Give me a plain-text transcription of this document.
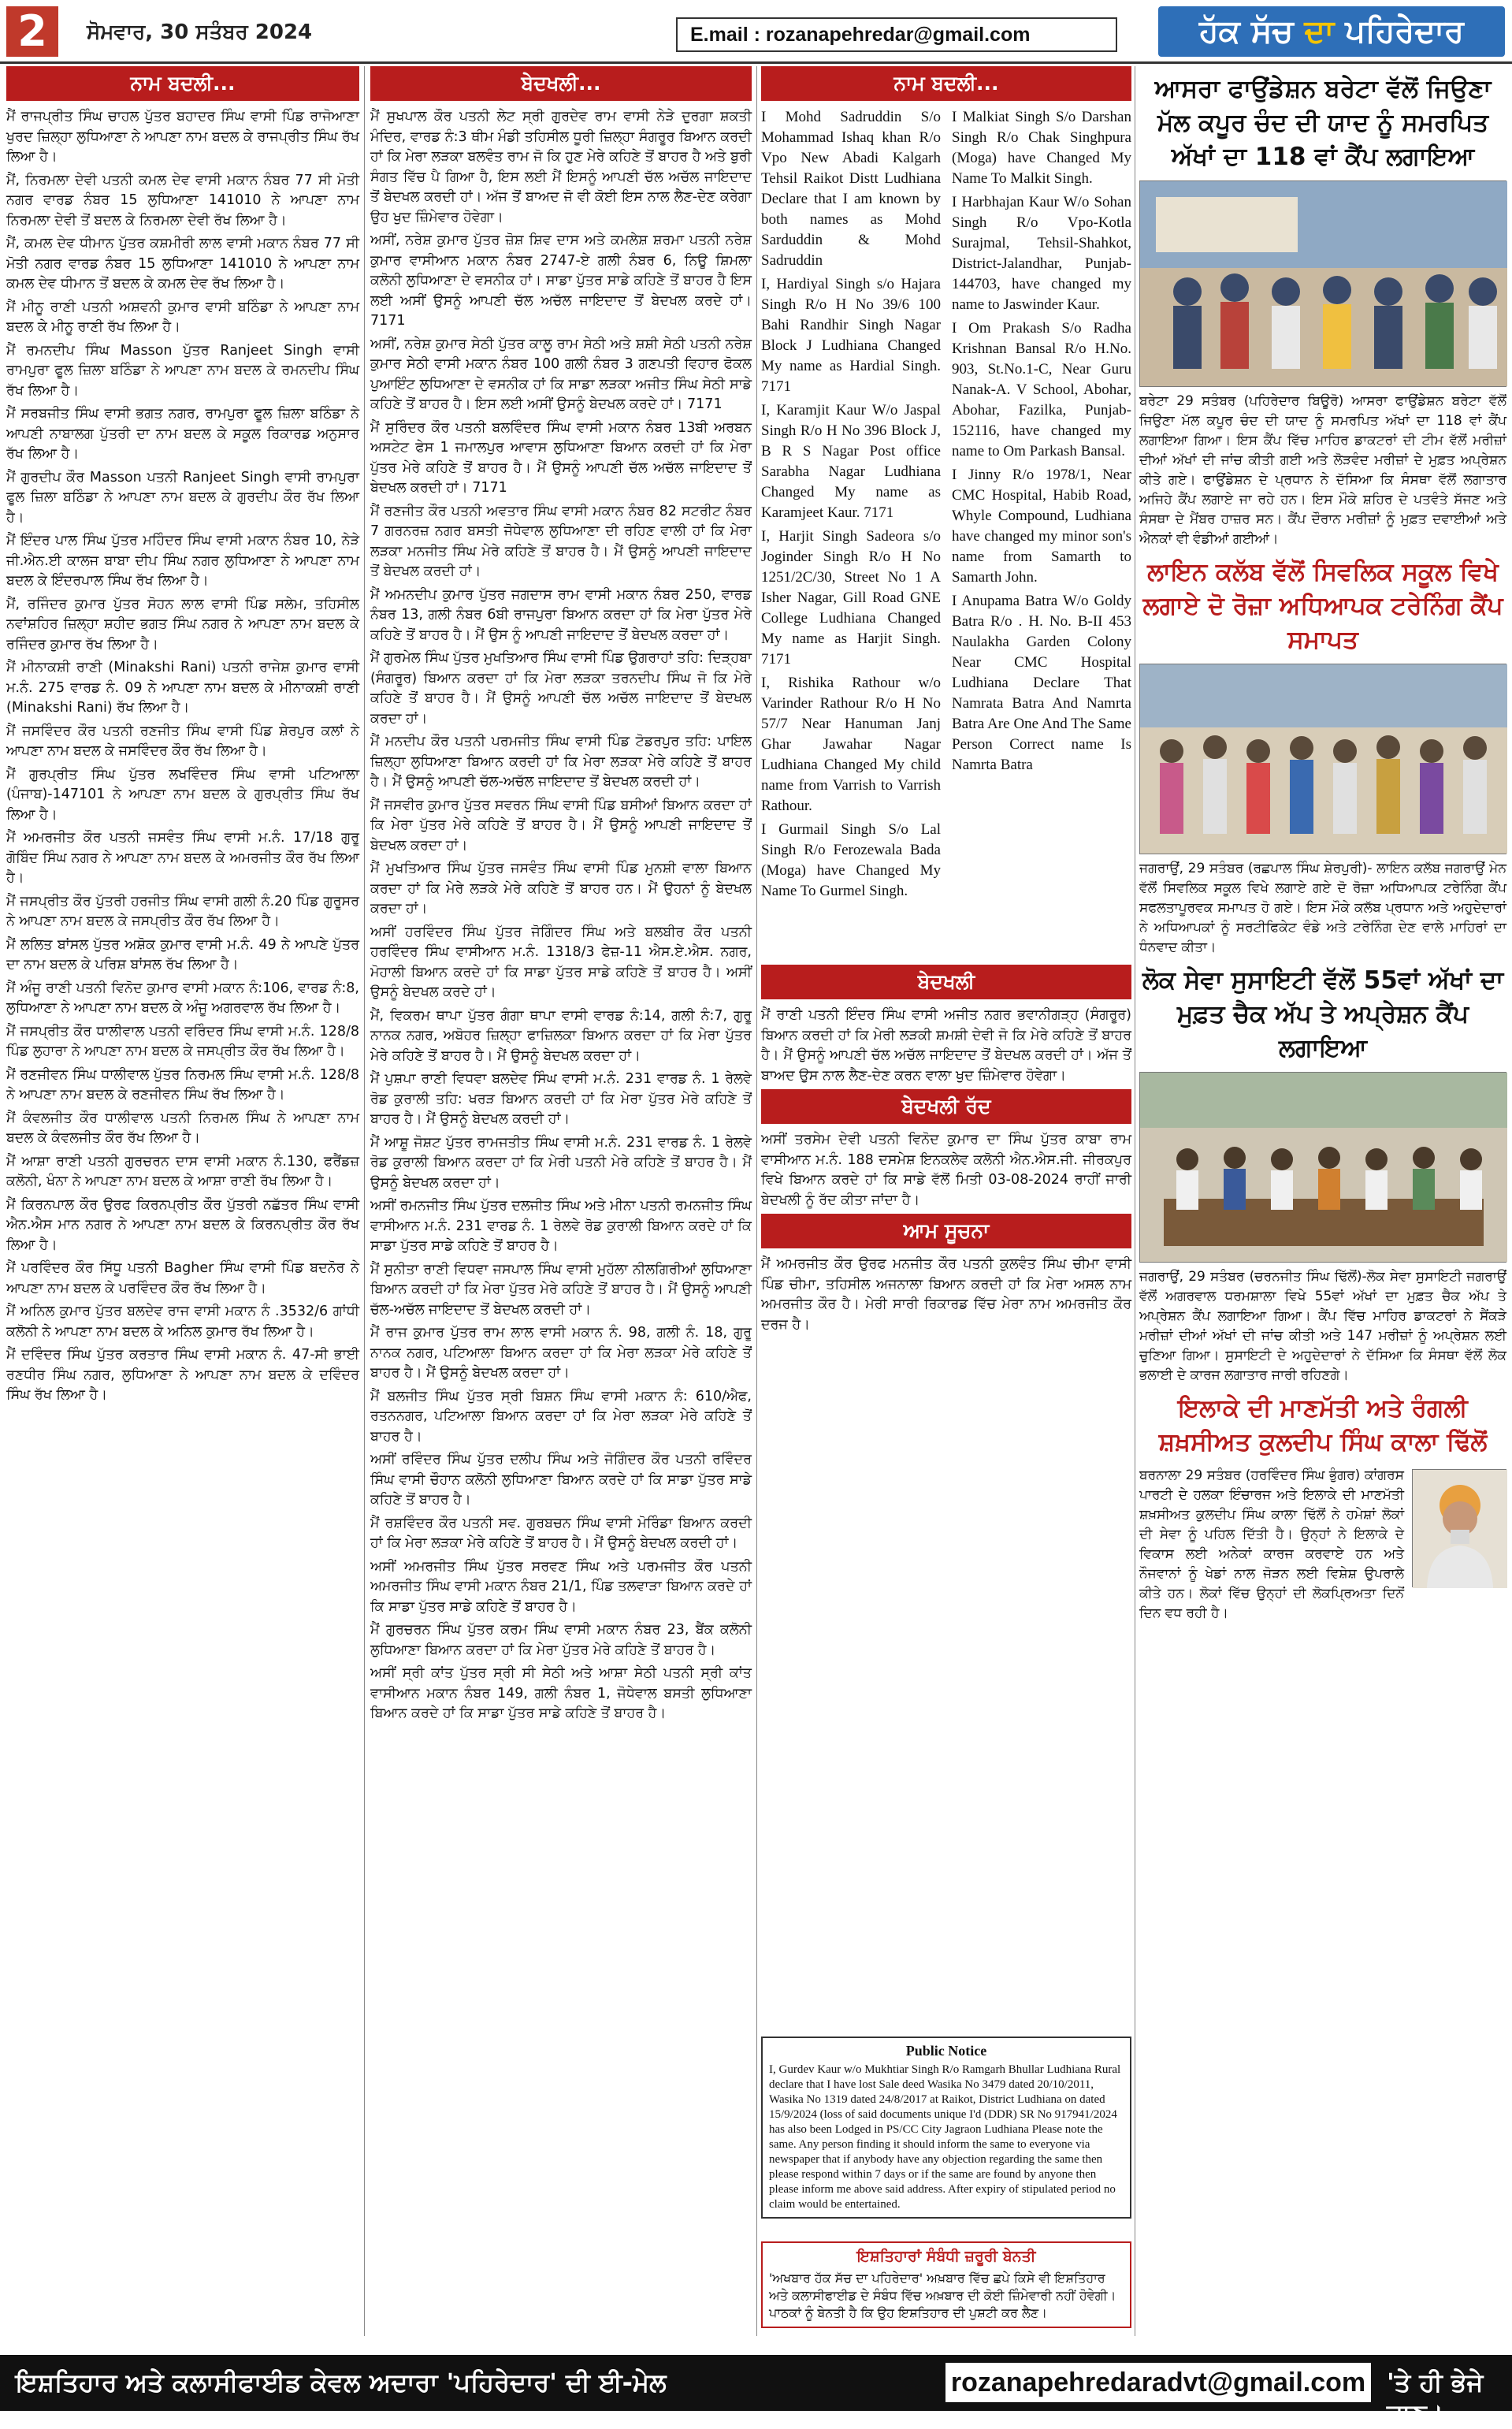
2	ਸੋਮਵਾਰ, 30 ਸਤੰਬਰ 2024	E.mail : rozanapehredar@gmail.com	ਹੱਕ ਸੱਚ ਦਾ ਪਹਿਰੇਦਾਰ
ਨਾਮ ਬਦਲੀ...

ਮੈਂ ਰਾਜਪ੍ਰੀਤ ਸਿੰਘ ਚਾਹਲ ਪੁੱਤਰ ਬਹਾਦਰ ਸਿੰਘ ਵਾਸੀ ਪਿੰਡ ਰਾਜੋਆਣਾ ਖੁਰਦ ਜ਼ਿਲ੍ਹਾ ਲੁਧਿਆਣਾ ਨੇ ਆਪਣਾ ਨਾਮ ਬਦਲ ਕੇ ਰਾਜਪ੍ਰੀਤ ਸਿੰਘ ਰੱਖ ਲਿਆ ਹੈ।

ਮੈਂ, ਨਿਰਮਲਾ ਦੇਵੀ ਪਤਨੀ ਕਮਲ ਦੇਵ ਵਾਸੀ ਮਕਾਨ ਨੰਬਰ 77 ਸੀ ਮੋਤੀ ਨਗਰ ਵਾਰਡ ਨੰਬਰ 15 ਲੁਧਿਆਣਾ 141010 ਨੇ ਆਪਣਾ ਨਾਮ ਨਿਰਮਲਾ ਦੇਵੀ ਤੋਂ ਬਦਲ ਕੇ ਨਿਰਮਲਾ ਦੇਵੀ ਰੱਖ ਲਿਆ ਹੈ।

ਮੈਂ, ਕਮਲ ਦੇਵ ਧੀਮਾਨ ਪੁੱਤਰ ਕਸ਼ਮੀਰੀ ਲਾਲ ਵਾਸੀ ਮਕਾਨ ਨੰਬਰ 77 ਸੀ ਮੋਤੀ ਨਗਰ ਵਾਰਡ ਨੰਬਰ 15 ਲੁਧਿਆਣਾ 141010 ਨੇ ਆਪਣਾ ਨਾਮ ਕਮਲ ਦੇਵ ਧੀਮਾਨ ਤੋਂ ਬਦਲ ਕੇ ਕਮਲ ਦੇਵ ਰੱਖ ਲਿਆ ਹੈ।

ਮੈਂ ਮੀਨੂ ਰਾਣੀ ਪਤਨੀ ਅਸ਼ਵਨੀ ਕੁਮਾਰ ਵਾਸੀ ਬਠਿੰਡਾ ਨੇ ਆਪਣਾ ਨਾਮ ਬਦਲ ਕੇ ਮੀਨੂ ਰਾਣੀ ਰੱਖ ਲਿਆ ਹੈ।

ਮੈਂ ਰਮਨਦੀਪ ਸਿੰਘ Masson ਪੁੱਤਰ Ranjeet Singh ਵਾਸੀ ਰਾਮਪੁਰਾ ਫੂਲ ਜ਼ਿਲਾ ਬਠਿੰਡਾ ਨੇ ਆਪਣਾ ਨਾਮ ਬਦਲ ਕੇ ਰਮਨਦੀਪ ਸਿੰਘ ਰੱਖ ਲਿਆ ਹੈ।

ਮੈਂ ਸਰਬਜੀਤ ਸਿੰਘ ਵਾਸੀ ਭਗਤ ਨਗਰ, ਰਾਮਪੁਰਾ ਫੂਲ ਜ਼ਿਲਾ ਬਠਿੰਡਾ ਨੇ ਆਪਣੀ ਨਾਬਾਲਗ ਪੁੱਤਰੀ ਦਾ ਨਾਮ ਬਦਲ ਕੇ ਸਕੂਲ ਰਿਕਾਰਡ ਅਨੁਸਾਰ ਰੱਖ ਲਿਆ ਹੈ।

ਮੈਂ ਗੁਰਦੀਪ ਕੌਰ Masson ਪਤਨੀ Ranjeet Singh ਵਾਸੀ ਰਾਮਪੁਰਾ ਫੂਲ ਜ਼ਿਲਾ ਬਠਿੰਡਾ ਨੇ ਆਪਣਾ ਨਾਮ ਬਦਲ ਕੇ ਗੁਰਦੀਪ ਕੌਰ ਰੱਖ ਲਿਆ ਹੈ।

ਮੈਂ ਇੰਦਰ ਪਾਲ ਸਿੰਘ ਪੁੱਤਰ ਮਹਿੰਦਰ ਸਿੰਘ ਵਾਸੀ ਮਕਾਨ ਨੰਬਰ 10, ਨੇੜੇ ਜੀ.ਐਨ.ਈ ਕਾਲਜ ਬਾਬਾ ਦੀਪ ਸਿੰਘ ਨਗਰ ਲੁਧਿਆਣਾ ਨੇ ਆਪਣਾ ਨਾਮ ਬਦਲ ਕੇ ਇੰਦਰਪਾਲ ਸਿੰਘ ਰੱਖ ਲਿਆ ਹੈ।

ਮੈਂ, ਰਜਿੰਦਰ ਕੁਮਾਰ ਪੁੱਤਰ ਸੋਹਨ ਲਾਲ ਵਾਸੀ ਪਿੰਡ ਸਲੇਮ, ਤਹਿਸੀਲ ਨਵਾਂਸ਼ਹਿਰ ਜ਼ਿਲ੍ਹਾ ਸ਼ਹੀਦ ਭਗਤ ਸਿੰਘ ਨਗਰ ਨੇ ਆਪਣਾ ਨਾਮ ਬਦਲ ਕੇ ਰਜਿੰਦਰ ਕੁਮਾਰ ਰੱਖ ਲਿਆ ਹੈ।

ਮੈਂ ਮੀਨਾਕਸ਼ੀ ਰਾਣੀ (Minakshi Rani) ਪਤਨੀ ਰਾਜੇਸ਼ ਕੁਮਾਰ ਵਾਸੀ ਮ.ਨੰ. 275 ਵਾਰਡ ਨੰ. 09 ਨੇ ਆਪਣਾ ਨਾਮ ਬਦਲ ਕੇ ਮੀਨਾਕਸ਼ੀ ਰਾਣੀ (Minakshi Rani) ਰੱਖ ਲਿਆ ਹੈ।

ਮੈਂ ਜਸਵਿੰਦਰ ਕੌਰ ਪਤਨੀ ਰਣਜੀਤ ਸਿੰਘ ਵਾਸੀ ਪਿੰਡ ਸ਼ੇਰਪੁਰ ਕਲਾਂ ਨੇ ਆਪਣਾ ਨਾਮ ਬਦਲ ਕੇ ਜਸਵਿੰਦਰ ਕੌਰ ਰੱਖ ਲਿਆ ਹੈ।

ਮੈਂ ਗੁਰਪ੍ਰੀਤ ਸਿੰਘ ਪੁੱਤਰ ਲਖਵਿੰਦਰ ਸਿੰਘ ਵਾਸੀ ਪਟਿਆਲਾ (ਪੰਜਾਬ)-147101 ਨੇ ਆਪਣਾ ਨਾਮ ਬਦਲ ਕੇ ਗੁਰਪ੍ਰੀਤ ਸਿੰਘ ਰੱਖ ਲਿਆ ਹੈ।

ਮੈਂ ਅਮਰਜੀਤ ਕੌਰ ਪਤਨੀ ਜਸਵੰਤ ਸਿੰਘ ਵਾਸੀ ਮ.ਨੰ. 17/18 ਗੁਰੂ ਗੋਬਿੰਦ ਸਿੰਘ ਨਗਰ ਨੇ ਆਪਣਾ ਨਾਮ ਬਦਲ ਕੇ ਅਮਰਜੀਤ ਕੌਰ ਰੱਖ ਲਿਆ ਹੈ।

ਮੈਂ ਜਸਪ੍ਰੀਤ ਕੌਰ ਪੁੱਤਰੀ ਹਰਜੀਤ ਸਿੰਘ ਵਾਸੀ ਗਲੀ ਨੰ.20 ਪਿੰਡ ਗੁਰੂਸਰ ਨੇ ਆਪਣਾ ਨਾਮ ਬਦਲ ਕੇ ਜਸਪ੍ਰੀਤ ਕੌਰ ਰੱਖ ਲਿਆ ਹੈ।

ਮੈਂ ਲਲਿਤ ਬਾਂਸਲ ਪੁੱਤਰ ਅਸ਼ੋਕ ਕੁਮਾਰ ਵਾਸੀ ਮ.ਨੰ. 49 ਨੇ ਆਪਣੇ ਪੁੱਤਰ ਦਾ ਨਾਮ ਬਦਲ ਕੇ ਪਰਿਸ਼ ਬਾਂਸਲ ਰੱਖ ਲਿਆ ਹੈ।

ਮੈਂ ਅੰਜੂ ਰਾਣੀ ਪਤਨੀ ਵਿਨੋਦ ਕੁਮਾਰ ਵਾਸੀ ਮਕਾਨ ਨੰ:106, ਵਾਰਡ ਨੰ:8, ਲੁਧਿਆਣਾ ਨੇ ਆਪਣਾ ਨਾਮ ਬਦਲ ਕੇ ਅੰਜੂ ਅਗਰਵਾਲ ਰੱਖ ਲਿਆ ਹੈ।

ਮੈਂ ਜਸਪ੍ਰੀਤ ਕੌਰ ਧਾਲੀਵਾਲ ਪਤਨੀ ਵਰਿੰਦਰ ਸਿੰਘ ਵਾਸੀ ਮ.ਨੰ. 128/8 ਪਿੰਡ ਲੁਹਾਰਾ ਨੇ ਆਪਣਾ ਨਾਮ ਬਦਲ ਕੇ ਜਸਪ੍ਰੀਤ ਕੌਰ ਰੱਖ ਲਿਆ ਹੈ।

ਮੈਂ ਰਣਜੀਵਨ ਸਿੰਘ ਧਾਲੀਵਾਲ ਪੁੱਤਰ ਨਿਰਮਲ ਸਿੰਘ ਵਾਸੀ ਮ.ਨੰ. 128/8 ਨੇ ਆਪਣਾ ਨਾਮ ਬਦਲ ਕੇ ਰਣਜੀਵਨ ਸਿੰਘ ਰੱਖ ਲਿਆ ਹੈ।

ਮੈਂ ਕੰਵਲਜੀਤ ਕੌਰ ਧਾਲੀਵਾਲ ਪਤਨੀ ਨਿਰਮਲ ਸਿੰਘ ਨੇ ਆਪਣਾ ਨਾਮ ਬਦਲ ਕੇ ਕੰਵਲਜੀਤ ਕੌਰ ਰੱਖ ਲਿਆ ਹੈ।

ਮੈਂ ਆਸ਼ਾ ਰਾਣੀ ਪਤਨੀ ਗੁਰਚਰਨ ਦਾਸ ਵਾਸੀ ਮਕਾਨ ਨੰ.130, ਫਰੈਂਡਜ਼ ਕਲੋਨੀ, ਖੰਨਾ ਨੇ ਆਪਣਾ ਨਾਮ ਬਦਲ ਕੇ ਆਸ਼ਾ ਰਾਣੀ ਰੱਖ ਲਿਆ ਹੈ।

ਮੈਂ ਕਿਰਨਪਾਲ ਕੌਰ ਉਰਫ ਕਿਰਨਪ੍ਰੀਤ ਕੌਰ ਪੁੱਤਰੀ ਨਛੱਤਰ ਸਿੰਘ ਵਾਸੀ ਐਨ.ਐਸ ਮਾਨ ਨਗਰ ਨੇ ਆਪਣਾ ਨਾਮ ਬਦਲ ਕੇ ਕਿਰਨਪ੍ਰੀਤ ਕੌਰ ਰੱਖ ਲਿਆ ਹੈ।

ਮੈਂ ਪਰਵਿੰਦਰ ਕੌਰ ਸਿੱਧੂ ਪਤਨੀ Bagher ਸਿੰਘ ਵਾਸੀ ਪਿੰਡ ਬਦਨੋਰ ਨੇ ਆਪਣਾ ਨਾਮ ਬਦਲ ਕੇ ਪਰਵਿੰਦਰ ਕੌਰ ਰੱਖ ਲਿਆ ਹੈ।

ਮੈਂ ਅਨਿਲ ਕੁਮਾਰ ਪੁੱਤਰ ਬਲਦੇਵ ਰਾਜ ਵਾਸੀ ਮਕਾਨ ਨੰ .3532/6 ਗਾਂਧੀ ਕਲੋਨੀ ਨੇ ਆਪਣਾ ਨਾਮ ਬਦਲ ਕੇ ਅਨਿਲ ਕੁਮਾਰ ਰੱਖ ਲਿਆ ਹੈ।

ਮੈਂ ਦਵਿੰਦਰ ਸਿੰਘ ਪੁੱਤਰ ਕਰਤਾਰ ਸਿੰਘ ਵਾਸੀ ਮਕਾਨ ਨੰ. 47-ਸੀ ਭਾਈ ਰਣਧੀਰ ਸਿੰਘ ਨਗਰ, ਲੁਧਿਆਣਾ ਨੇ ਆਪਣਾ ਨਾਮ ਬਦਲ ਕੇ ਦਵਿੰਦਰ ਸਿੰਘ ਰੱਖ ਲਿਆ ਹੈ।

ਬੇਦਖਲੀ...

ਮੈਂ ਸੁਖਪਾਲ ਕੌਰ ਪਤਨੀ ਲੇਟ ਸ੍ਰੀ ਗੁਰਦੇਵ ਰਾਮ ਵਾਸੀ ਨੇੜੇ ਦੁਰਗਾ ਸ਼ਕਤੀ ਮੰਦਿਰ, ਵਾਰਡ ਨੰ:3 ਥੀਮ ਮੰਡੀ ਤਹਿਸੀਲ ਧੂਰੀ ਜ਼ਿਲ੍ਹਾ ਸੰਗਰੂਰ ਬਿਆਨ ਕਰਦੀ ਹਾਂ ਕਿ ਮੇਰਾ ਲੜਕਾ ਬਲਵੰਤ ਰਾਮ ਜੋ ਕਿ ਹੁਣ ਮੇਰੇ ਕਹਿਣੇ ਤੋਂ ਬਾਹਰ ਹੈ ਅਤੇ ਬੁਰੀ ਸੰਗਤ ਵਿੱਚ ਪੈ ਗਿਆ ਹੈ, ਇਸ ਲਈ ਮੈਂ ਇਸਨੂੰ ਆਪਣੀ ਚੱਲ ਅਚੱਲ ਜਾਇਦਾਦ ਤੋਂ ਬੇਦਖਲ ਕਰਦੀ ਹਾਂ। ਅੱਜ ਤੋਂ ਬਾਅਦ ਜੋ ਵੀ ਕੋਈ ਇਸ ਨਾਲ ਲੈਣ-ਦੇਣ ਕਰੇਗਾ ਉਹ ਖੁਦ ਜ਼ਿੰਮੇਵਾਰ ਹੋਵੇਗਾ।

ਅਸੀਂ, ਨਰੇਸ਼ ਕੁਮਾਰ ਪੁੱਤਰ ਜ਼ੋਸ਼ ਸ਼ਿਵ ਦਾਸ ਅਤੇ ਕਮਲੇਸ਼ ਸ਼ਰਮਾ ਪਤਨੀ ਨਰੇਸ਼ ਕੁਮਾਰ ਵਾਸੀਆਨ ਮਕਾਨ ਨੰਬਰ 2747-ਏ ਗਲੀ ਨੰਬਰ 6, ਨਿਊ ਸ਼ਿਮਲਾ ਕਲੋਨੀ ਲੁਧਿਆਣਾ ਦੇ ਵਸਨੀਕ ਹਾਂ। ਸਾਡਾ ਪੁੱਤਰ ਸਾਡੇ ਕਹਿਣੇ ਤੋਂ ਬਾਹਰ ਹੈ ਇਸ ਲਈ ਅਸੀਂ ਉਸਨੂੰ ਆਪਣੀ ਚੱਲ ਅਚੱਲ ਜਾਇਦਾਦ ਤੋਂ ਬੇਦਖਲ ਕਰਦੇ ਹਾਂ। 7171

ਅਸੀਂ, ਨਰੇਸ਼ ਕੁਮਾਰ ਸੇਠੀ ਪੁੱਤਰ ਕਾਲੂ ਰਾਮ ਸੇਠੀ ਅਤੇ ਸ਼ਸ਼ੀ ਸੇਠੀ ਪਤਨੀ ਨਰੇਸ਼ ਕੁਮਾਰ ਸੇਠੀ ਵਾਸੀ ਮਕਾਨ ਨੰਬਰ 100 ਗਲੀ ਨੰਬਰ 3 ਗਣਪਤੀ ਵਿਹਾਰ ਫੋਕਲ ਪੁਆਇੰਟ ਲੁਧਿਆਣਾ ਦੇ ਵਸਨੀਕ ਹਾਂ ਕਿ ਸਾਡਾ ਲੜਕਾ ਅਜੀਤ ਸਿੰਘ ਸੇਠੀ ਸਾਡੇ ਕਹਿਣੇ ਤੋਂ ਬਾਹਰ ਹੈ। ਇਸ ਲਈ ਅਸੀਂ ਉਸਨੂੰ ਬੇਦਖਲ ਕਰਦੇ ਹਾਂ। 7171

ਮੈਂ ਸੁਰਿੰਦਰ ਕੌਰ ਪਤਨੀ ਬਲਵਿੰਦਰ ਸਿੰਘ ਵਾਸੀ ਮਕਾਨ ਨੰਬਰ 13ਬੀ ਅਰਬਨ ਅਸਟੇਟ ਫੇਸ 1 ਜਮਾਲਪੁਰ ਆਵਾਸ ਲੁਧਿਆਣਾ ਬਿਆਨ ਕਰਦੀ ਹਾਂ ਕਿ ਮੇਰਾ ਪੁੱਤਰ ਮੇਰੇ ਕਹਿਣੇ ਤੋਂ ਬਾਹਰ ਹੈ। ਮੈਂ ਉਸਨੂੰ ਆਪਣੀ ਚੱਲ ਅਚੱਲ ਜਾਇਦਾਦ ਤੋਂ ਬੇਦਖਲ ਕਰਦੀ ਹਾਂ। 7171

ਮੈਂ ਰਣਜੀਤ ਕੌਰ ਪਤਨੀ ਅਵਤਾਰ ਸਿੰਘ ਵਾਸੀ ਮਕਾਨ ਨੰਬਰ 82 ਸਟਰੀਟ ਨੰਬਰ 7 ਗਰਨਰਜ਼ ਨਗਰ ਬਸਤੀ ਜੋਧੇਵਾਲ ਲੁਧਿਆਣਾ ਦੀ ਰਹਿਣ ਵਾਲੀ ਹਾਂ ਕਿ ਮੇਰਾ ਲੜਕਾ ਮਨਜੀਤ ਸਿੰਘ ਮੇਰੇ ਕਹਿਣੇ ਤੋਂ ਬਾਹਰ ਹੈ। ਮੈਂ ਉਸਨੂੰ ਆਪਣੀ ਜਾਇਦਾਦ ਤੋਂ ਬੇਦਖਲ ਕਰਦੀ ਹਾਂ।

ਮੈਂ ਅਮਨਦੀਪ ਕੁਮਾਰ ਪੁੱਤਰ ਜਗਦਾਸ ਰਾਮ ਵਾਸੀ ਮਕਾਨ ਨੰਬਰ 250, ਵਾਰਡ ਨੰਬਰ 13, ਗਲੀ ਨੰਬਰ 6ਬੀ ਰਾਜਪੁਰਾ ਬਿਆਨ ਕਰਦਾ ਹਾਂ ਕਿ ਮੇਰਾ ਪੁੱਤਰ ਮੇਰੇ ਕਹਿਣੇ ਤੋਂ ਬਾਹਰ ਹੈ। ਮੈਂ ਉਸ ਨੂੰ ਆਪਣੀ ਜਾਇਦਾਦ ਤੋਂ ਬੇਦਖਲ ਕਰਦਾ ਹਾਂ।

ਮੈਂ ਗੁਰਮੇਲ ਸਿੰਘ ਪੁੱਤਰ ਮੁਖਤਿਆਰ ਸਿੰਘ ਵਾਸੀ ਪਿੰਡ ਉਗਰਾਹਾਂ ਤਹਿ: ਦਿੜ੍ਹਬਾ (ਸੰਗਰੂਰ) ਬਿਆਨ ਕਰਦਾ ਹਾਂ ਕਿ ਮੇਰਾ ਲੜਕਾ ਤਰਨਦੀਪ ਸਿੰਘ ਜੋ ਕਿ ਮੇਰੇ ਕਹਿਣੇ ਤੋਂ ਬਾਹਰ ਹੈ। ਮੈਂ ਉਸਨੂੰ ਆਪਣੀ ਚੱਲ ਅਚੱਲ ਜਾਇਦਾਦ ਤੋਂ ਬੇਦਖਲ ਕਰਦਾ ਹਾਂ।

ਮੈਂ ਮਨਦੀਪ ਕੌਰ ਪਤਨੀ ਪਰਮਜੀਤ ਸਿੰਘ ਵਾਸੀ ਪਿੰਡ ਟੋਡਰਪੁਰ ਤਹਿ: ਪਾਇਲ ਜ਼ਿਲ੍ਹਾ ਲੁਧਿਆਣਾ ਬਿਆਨ ਕਰਦੀ ਹਾਂ ਕਿ ਮੇਰਾ ਲੜਕਾ ਮੇਰੇ ਕਹਿਣੇ ਤੋਂ ਬਾਹਰ ਹੈ। ਮੈਂ ਉਸਨੂੰ ਆਪਣੀ ਚੱਲ-ਅਚੱਲ ਜਾਇਦਾਦ ਤੋਂ ਬੇਦਖਲ ਕਰਦੀ ਹਾਂ।

ਮੈਂ ਜਸਵੀਰ ਕੁਮਾਰ ਪੁੱਤਰ ਸਵਰਨ ਸਿੰਘ ਵਾਸੀ ਪਿੰਡ ਬਸੀਆਂ ਬਿਆਨ ਕਰਦਾ ਹਾਂ ਕਿ ਮੇਰਾ ਪੁੱਤਰ ਮੇਰੇ ਕਹਿਣੇ ਤੋਂ ਬਾਹਰ ਹੈ। ਮੈਂ ਉਸਨੂੰ ਆਪਣੀ ਜਾਇਦਾਦ ਤੋਂ ਬੇਦਖਲ ਕਰਦਾ ਹਾਂ।

ਮੈਂ ਮੁਖਤਿਆਰ ਸਿੰਘ ਪੁੱਤਰ ਜਸਵੰਤ ਸਿੰਘ ਵਾਸੀ ਪਿੰਡ ਮੁਨਸ਼ੀ ਵਾਲਾ ਬਿਆਨ ਕਰਦਾ ਹਾਂ ਕਿ ਮੇਰੇ ਲੜਕੇ ਮੇਰੇ ਕਹਿਣੇ ਤੋਂ ਬਾਹਰ ਹਨ। ਮੈਂ ਉਹਨਾਂ ਨੂੰ ਬੇਦਖਲ ਕਰਦਾ ਹਾਂ।

ਅਸੀਂ ਹਰਵਿੰਦਰ ਸਿੰਘ ਪੁੱਤਰ ਜੋਗਿੰਦਰ ਸਿੰਘ ਅਤੇ ਬਲਬੀਰ ਕੌਰ ਪਤਨੀ ਹਰਵਿੰਦਰ ਸਿੰਘ ਵਾਸੀਆਨ ਮ.ਨੰ. 1318/3 ਫੇਜ਼-11 ਐਸ.ਏ.ਐਸ. ਨਗਰ, ਮੋਹਾਲੀ ਬਿਆਨ ਕਰਦੇ ਹਾਂ ਕਿ ਸਾਡਾ ਪੁੱਤਰ ਸਾਡੇ ਕਹਿਣੇ ਤੋਂ ਬਾਹਰ ਹੈ। ਅਸੀਂ ਉਸਨੂੰ ਬੇਦਖਲ ਕਰਦੇ ਹਾਂ।

ਮੈਂ, ਵਿਕਰਮ ਥਾਪਾ ਪੁੱਤਰ ਗੰਗਾ ਥਾਪਾ ਵਾਸੀ ਵਾਰਡ ਨੰ:14, ਗਲੀ ਨੰ:7, ਗੁਰੂ ਨਾਨਕ ਨਗਰ, ਅਬੋਹਰ ਜ਼ਿਲ੍ਹਾ ਫਾਜ਼ਿਲਕਾ ਬਿਆਨ ਕਰਦਾ ਹਾਂ ਕਿ ਮੇਰਾ ਪੁੱਤਰ ਮੇਰੇ ਕਹਿਣੇ ਤੋਂ ਬਾਹਰ ਹੈ। ਮੈਂ ਉਸਨੂੰ ਬੇਦਖਲ ਕਰਦਾ ਹਾਂ।

ਮੈਂ ਪੁਸ਼ਪਾ ਰਾਣੀ ਵਿਧਵਾ ਬਲਦੇਵ ਸਿੰਘ ਵਾਸੀ ਮ.ਨੰ. 231 ਵਾਰਡ ਨੰ. 1 ਰੇਲਵੇ ਰੋਡ ਕੁਰਾਲੀ ਤਹਿ: ਖਰੜ ਬਿਆਨ ਕਰਦੀ ਹਾਂ ਕਿ ਮੇਰਾ ਪੁੱਤਰ ਮੇਰੇ ਕਹਿਣੇ ਤੋਂ ਬਾਹਰ ਹੈ। ਮੈਂ ਉਸਨੂੰ ਬੇਦਖਲ ਕਰਦੀ ਹਾਂ।

ਮੈਂ ਆਸ਼ੂ ਜੋਸ਼ਟ ਪੁੱਤਰ ਰਾਮਜਤੀਤ ਸਿੰਘ ਵਾਸੀ ਮ.ਨੰ. 231 ਵਾਰਡ ਨੰ. 1 ਰੇਲਵੇ ਰੋਡ ਕੁਰਾਲੀ ਬਿਆਨ ਕਰਦਾ ਹਾਂ ਕਿ ਮੇਰੀ ਪਤਨੀ ਮੇਰੇ ਕਹਿਣੇ ਤੋਂ ਬਾਹਰ ਹੈ। ਮੈਂ ਉਸਨੂੰ ਬੇਦਖਲ ਕਰਦਾ ਹਾਂ।

ਅਸੀਂ ਰਮਨਜੀਤ ਸਿੰਘ ਪੁੱਤਰ ਦਲਜੀਤ ਸਿੰਘ ਅਤੇ ਮੀਨਾ ਪਤਨੀ ਰਮਨਜੀਤ ਸਿੰਘ ਵਾਸੀਆਨ ਮ.ਨੰ. 231 ਵਾਰਡ ਨੰ. 1 ਰੇਲਵੇ ਰੋਡ ਕੁਰਾਲੀ ਬਿਆਨ ਕਰਦੇ ਹਾਂ ਕਿ ਸਾਡਾ ਪੁੱਤਰ ਸਾਡੇ ਕਹਿਣੇ ਤੋਂ ਬਾਹਰ ਹੈ।

ਮੈਂ ਸੁਨੀਤਾ ਰਾਣੀ ਵਿਧਵਾ ਜਸਪਾਲ ਸਿੰਘ ਵਾਸੀ ਮੁਹੱਲਾ ਨੀਲਗਿਰੀਆਂ ਲੁਧਿਆਣਾ ਬਿਆਨ ਕਰਦੀ ਹਾਂ ਕਿ ਮੇਰਾ ਪੁੱਤਰ ਮੇਰੇ ਕਹਿਣੇ ਤੋਂ ਬਾਹਰ ਹੈ। ਮੈਂ ਉਸਨੂੰ ਆਪਣੀ ਚੱਲ-ਅਚੱਲ ਜਾਇਦਾਦ ਤੋਂ ਬੇਦਖਲ ਕਰਦੀ ਹਾਂ।

ਮੈਂ ਰਾਜ ਕੁਮਾਰ ਪੁੱਤਰ ਰਾਮ ਲਾਲ ਵਾਸੀ ਮਕਾਨ ਨੰ. 98, ਗਲੀ ਨੰ. 18, ਗੁਰੂ ਨਾਨਕ ਨਗਰ, ਪਟਿਆਲਾ ਬਿਆਨ ਕਰਦਾ ਹਾਂ ਕਿ ਮੇਰਾ ਲੜਕਾ ਮੇਰੇ ਕਹਿਣੇ ਤੋਂ ਬਾਹਰ ਹੈ। ਮੈਂ ਉਸਨੂੰ ਬੇਦਖਲ ਕਰਦਾ ਹਾਂ।

ਮੈਂ ਬਲਜੀਤ ਸਿੰਘ ਪੁੱਤਰ ਸ੍ਰੀ ਬਿਸ਼ਨ ਸਿੰਘ ਵਾਸੀ ਮਕਾਨ ਨੰ: 610/ਐਫ, ਰਤਨਨਗਰ, ਪਟਿਆਲਾ ਬਿਆਨ ਕਰਦਾ ਹਾਂ ਕਿ ਮੇਰਾ ਲੜਕਾ ਮੇਰੇ ਕਹਿਣੇ ਤੋਂ ਬਾਹਰ ਹੈ।

ਅਸੀਂ ਰਵਿੰਦਰ ਸਿੰਘ ਪੁੱਤਰ ਦਲੀਪ ਸਿੰਘ ਅਤੇ ਜੋਗਿੰਦਰ ਕੌਰ ਪਤਨੀ ਰਵਿੰਦਰ ਸਿੰਘ ਵਾਸੀ ਚੌਹਾਨ ਕਲੋਨੀ ਲੁਧਿਆਣਾ ਬਿਆਨ ਕਰਦੇ ਹਾਂ ਕਿ ਸਾਡਾ ਪੁੱਤਰ ਸਾਡੇ ਕਹਿਣੇ ਤੋਂ ਬਾਹਰ ਹੈ।

ਮੈਂ ਰਸ਼ਵਿੰਦਰ ਕੌਰ ਪਤਨੀ ਸਵ. ਗੁਰਬਚਨ ਸਿੰਘ ਵਾਸੀ ਮੋਰਿੰਡਾ ਬਿਆਨ ਕਰਦੀ ਹਾਂ ਕਿ ਮੇਰਾ ਲੜਕਾ ਮੇਰੇ ਕਹਿਣੇ ਤੋਂ ਬਾਹਰ ਹੈ। ਮੈਂ ਉਸਨੂੰ ਬੇਦਖਲ ਕਰਦੀ ਹਾਂ।

ਅਸੀਂ ਅਮਰਜੀਤ ਸਿੰਘ ਪੁੱਤਰ ਸਰਵਣ ਸਿੰਘ ਅਤੇ ਪਰਮਜੀਤ ਕੌਰ ਪਤਨੀ ਅਮਰਜੀਤ ਸਿੰਘ ਵਾਸੀ ਮਕਾਨ ਨੰਬਰ 21/1, ਪਿੰਡ ਤਲਵਾੜਾ ਬਿਆਨ ਕਰਦੇ ਹਾਂ ਕਿ ਸਾਡਾ ਪੁੱਤਰ ਸਾਡੇ ਕਹਿਣੇ ਤੋਂ ਬਾਹਰ ਹੈ।

ਮੈਂ ਗੁਰਚਰਨ ਸਿੰਘ ਪੁੱਤਰ ਕਰਮ ਸਿੰਘ ਵਾਸੀ ਮਕਾਨ ਨੰਬਰ 23, ਬੈਂਕ ਕਲੋਨੀ ਲੁਧਿਆਣਾ ਬਿਆਨ ਕਰਦਾ ਹਾਂ ਕਿ ਮੇਰਾ ਪੁੱਤਰ ਮੇਰੇ ਕਹਿਣੇ ਤੋਂ ਬਾਹਰ ਹੈ।

ਅਸੀਂ ਸ੍ਰੀ ਕਾਂਤ ਪੁੱਤਰ ਸ੍ਰੀ ਸੀ ਸੇਠੀ ਅਤੇ ਆਸ਼ਾ ਸੇਠੀ ਪਤਨੀ ਸ੍ਰੀ ਕਾਂਤ ਵਾਸੀਆਨ ਮਕਾਨ ਨੰਬਰ 149, ਗਲੀ ਨੰਬਰ 1, ਜੋਧੇਵਾਲ ਬਸਤੀ ਲੁਧਿਆਣਾ ਬਿਆਨ ਕਰਦੇ ਹਾਂ ਕਿ ਸਾਡਾ ਪੁੱਤਰ ਸਾਡੇ ਕਹਿਣੇ ਤੋਂ ਬਾਹਰ ਹੈ।

ਨਾਮ ਬਦਲੀ...

I Mohd Sadruddin S/o Mohammad Ishaq khan R/o Vpo New Abadi Kalgarh Tehsil Raikot Distt Ludhiana Declare that I am known by both names as Mohd Sarduddin & Mohd Sadruddin

I, Hardiyal Singh s/o Hajara Singh R/o H No 39/6 100 Bahi Randhir Singh Nagar Block J Ludhiana Changed My name as Hardial Singh. 7171

I, Karamjit Kaur W/o Jaspal Singh R/o H No 396 Block J, B R S Nagar Post office Sarabha Nagar Ludhiana Changed My name as Karamjeet Kaur. 7171

I, Harjit Singh Sadeora s/o Joginder Singh R/o H No 1251/2C/30, Street No 1 A Isher Nagar, Gill Road GNE College Ludhiana Changed My name as Harjit Singh. 7171

I, Rishika Rathour w/o Varinder Rathour R/o H No 57/7 Near Hanuman Janj Ghar Jawahar Nagar Ludhiana Changed My child name from Varrish to Varrish Rathour.

I Gurmail Singh S/o Lal Singh R/o Ferozewala Bada (Moga) have Changed My Name To Gurmel Singh.

I Malkiat Singh S/o Darshan Singh R/o Chak Singhpura (Moga) have Changed My Name To Malkit Singh.

I Harbhajan Kaur W/o Sohan Singh R/o Vpo-Kotla Surajmal, Tehsil-Shahkot, District-Jalandhar, Punjab-144703, have changed my name to Jaswinder Kaur.

I Om Prakash S/o Radha Krishnan Bansal R/o H.No. 903, St.No.1-C, Near Guru Nanak-A. V School, Abohar, Abohar, Fazilka, Punjab-152116, have changed my name to Om Parkash Bansal.

I Jinny R/o 1978/1, Near CMC Hospital, Habib Road, Whyle Compound, Ludhiana have changed my minor son's name from Samarth to Samarth John.

I Anupama Batra W/o Goldy Batra R/o . H. No. B-II 453 Naulakha Garden Colony Near CMC Hospital Ludhiana Declare That Namrata Batra And Namrta Batra Are One And The Same Person Correct name Is Namrta Batra

ਬੇਦਖਲੀ

ਮੈਂ ਰਾਣੀ ਪਤਨੀ ਇੰਦਰ ਸਿੰਘ ਵਾਸੀ ਅਜੀਤ ਨਗਰ ਭਵਾਨੀਗੜ੍ਹ (ਸੰਗਰੂਰ) ਬਿਆਨ ਕਰਦੀ ਹਾਂ ਕਿ ਮੇਰੀ ਲੜਕੀ ਸ਼ਮਸ਼ੀ ਦੇਵੀ ਜੋ ਕਿ ਮੇਰੇ ਕਹਿਣੇ ਤੋਂ ਬਾਹਰ ਹੈ। ਮੈਂ ਉਸਨੂੰ ਆਪਣੀ ਚੱਲ ਅਚੱਲ ਜਾਇਦਾਦ ਤੋਂ ਬੇਦਖਲ ਕਰਦੀ ਹਾਂ। ਅੱਜ ਤੋਂ ਬਾਅਦ ਉਸ ਨਾਲ ਲੈਣ-ਦੇਣ ਕਰਨ ਵਾਲਾ ਖੁਦ ਜ਼ਿੰਮੇਵਾਰ ਹੋਵੇਗਾ।

ਬੇਦਖਲੀ ਰੱਦ

ਅਸੀਂ ਤਰਸੇਮ ਦੇਵੀ ਪਤਨੀ ਵਿਨੋਦ ਕੁਮਾਰ ਦਾ ਸਿੰਘ ਪੁੱਤਰ ਕਾਬਾ ਰਾਮ ਵਾਸੀਆਨ ਮ.ਨੰ. 188 ਦਸਮੇਸ਼ ਇਨਕਲੇਵ ਕਲੋਨੀ ਐਨ.ਐਸ.ਜੀ. ਜੀਰਕਪੁਰ ਵਿਖੇ ਬਿਆਨ ਕਰਦੇ ਹਾਂ ਕਿ ਸਾਡੇ ਵੱਲੋਂ ਮਿਤੀ 03-08-2024 ਰਾਹੀਂ ਜਾਰੀ ਬੇਦਖਲੀ ਨੂੰ ਰੱਦ ਕੀਤਾ ਜਾਂਦਾ ਹੈ।

ਆਮ ਸੂਚਨਾ

ਮੈਂ ਅਮਰਜੀਤ ਕੌਰ ਉਰਫ ਮਨਜੀਤ ਕੌਰ ਪਤਨੀ ਕੁਲਵੰਤ ਸਿੰਘ ਚੀਮਾ ਵਾਸੀ ਪਿੰਡ ਚੀਮਾ, ਤਹਿਸੀਲ ਅਜਨਾਲਾ ਬਿਆਨ ਕਰਦੀ ਹਾਂ ਕਿ ਮੇਰਾ ਅਸਲ ਨਾਮ ਅਮਰਜੀਤ ਕੌਰ ਹੈ। ਮੇਰੀ ਸਾਰੀ ਰਿਕਾਰਡ ਵਿੱਚ ਮੇਰਾ ਨਾਮ ਅਮਰਜੀਤ ਕੌਰ ਦਰਜ ਹੈ।

Public Notice

I, Gurdev Kaur w/o Mukhtiar Singh R/o Ramgarh Bhullar Ludhiana Rural declare that I have lost Sale deed Wasika No 3479 dated 20/10/2011, Wasika No 1319 dated 24/8/2017 at Raikot, District Ludhiana on dated 15/9/2024 (loss of said documents unique I'd (DDR) SR No 917941/2024 has also been Lodged in PS/CC City Jagraon Ludhiana Please note the same. Any person finding it should inform the same to everyone via newspaper that if anybody have any objection regarding the same then please respond within 7 days or if the same are found by anyone then please inform me above said address. After expiry of stipulated period no claim would be entertained.

ਇਸ਼ਤਿਹਾਰਾਂ ਸੰਬੰਧੀ ਜ਼ਰੂਰੀ ਬੇਨਤੀ

'ਅਖਬਾਰ ਹੱਕ ਸੱਚ ਦਾ ਪਹਿਰੇਦਾਰ' ਅਖ਼ਬਾਰ ਵਿੱਚ ਛਪੇ ਕਿਸੇ ਵੀ ਇਸ਼ਤਿਹਾਰ ਅਤੇ ਕਲਾਸੀਫਾਈਡ ਦੇ ਸੰਬੰਧ ਵਿੱਚ ਅਖ਼ਬਾਰ ਦੀ ਕੋਈ ਜ਼ਿੰਮੇਵਾਰੀ ਨਹੀਂ ਹੋਵੇਗੀ। ਪਾਠਕਾਂ ਨੂੰ ਬੇਨਤੀ ਹੈ ਕਿ ਉਹ ਇਸ਼ਤਿਹਾਰ ਦੀ ਪੁਸ਼ਟੀ ਕਰ ਲੈਣ।

ਆਸਰਾ ਫਾਉਂਡੇਸ਼ਨ ਬਰੇਟਾ ਵੱਲੋਂ ਜਿਉਣਾ ਮੱਲ ਕਪੂਰ ਚੰਦ ਦੀ ਯਾਦ ਨੂੰ ਸਮਰਪਿਤ ਅੱਖਾਂ ਦਾ 118 ਵਾਂ ਕੈਂਪ ਲਗਾਇਆ

ਬਰੇਟਾ 29 ਸਤੰਬਰ (ਪਹਿਰੇਦਾਰ ਬਿਊਰੋ) ਆਸਰਾ ਫਾਉਂਡੇਸ਼ਨ ਬਰੇਟਾ ਵੱਲੋਂ ਜਿਉਣਾ ਮੱਲ ਕਪੂਰ ਚੰਦ ਦੀ ਯਾਦ ਨੂੰ ਸਮਰਪਿਤ ਅੱਖਾਂ ਦਾ 118 ਵਾਂ ਕੈਂਪ ਲਗਾਇਆ ਗਿਆ। ਇਸ ਕੈਂਪ ਵਿੱਚ ਮਾਹਿਰ ਡਾਕਟਰਾਂ ਦੀ ਟੀਮ ਵੱਲੋਂ ਮਰੀਜ਼ਾਂ ਦੀਆਂ ਅੱਖਾਂ ਦੀ ਜਾਂਚ ਕੀਤੀ ਗਈ ਅਤੇ ਲੋੜਵੰਦ ਮਰੀਜ਼ਾਂ ਦੇ ਮੁਫ਼ਤ ਅਪ੍ਰੇਸ਼ਨ ਕੀਤੇ ਗਏ। ਫਾਉਂਡੇਸ਼ਨ ਦੇ ਪ੍ਰਧਾਨ ਨੇ ਦੱਸਿਆ ਕਿ ਸੰਸਥਾ ਵੱਲੋਂ ਲਗਾਤਾਰ ਅਜਿਹੇ ਕੈਂਪ ਲਗਾਏ ਜਾ ਰਹੇ ਹਨ। ਇਸ ਮੌਕੇ ਸ਼ਹਿਰ ਦੇ ਪਤਵੰਤੇ ਸੱਜਣ ਅਤੇ ਸੰਸਥਾ ਦੇ ਮੈਂਬਰ ਹਾਜ਼ਰ ਸਨ। ਕੈਂਪ ਦੌਰਾਨ ਮਰੀਜ਼ਾਂ ਨੂੰ ਮੁਫ਼ਤ ਦਵਾਈਆਂ ਅਤੇ ਐਨਕਾਂ ਵੀ ਵੰਡੀਆਂ ਗਈਆਂ।

ਲਾਇਨ ਕਲੱਬ ਵੱਲੋਂ ਸਿਵਲਿਕ ਸਕੂਲ ਵਿਖੇ ਲਗਾਏ ਦੋ ਰੋਜ਼ਾ ਅਧਿਆਪਕ ਟਰੇਨਿੰਗ ਕੈਂਪ ਸਮਾਪਤ

ਜਗਰਾਉਂ, 29 ਸਤੰਬਰ (ਰਛਪਾਲ ਸਿੰਘ ਸ਼ੇਰਪੁਰੀ)- ਲਾਇਨ ਕਲੱਬ ਜਗਰਾਉਂ ਮੇਨ ਵੱਲੋਂ ਸਿਵਲਿਕ ਸਕੂਲ ਵਿਖੇ ਲਗਾਏ ਗਏ ਦੋ ਰੋਜ਼ਾ ਅਧਿਆਪਕ ਟਰੇਨਿੰਗ ਕੈਂਪ ਸਫਲਤਾਪੂਰਵਕ ਸਮਾਪਤ ਹੋ ਗਏ। ਇਸ ਮੌਕੇ ਕਲੱਬ ਪ੍ਰਧਾਨ ਅਤੇ ਅਹੁਦੇਦਾਰਾਂ ਨੇ ਅਧਿਆਪਕਾਂ ਨੂੰ ਸਰਟੀਫਿਕੇਟ ਵੰਡੇ ਅਤੇ ਟਰੇਨਿੰਗ ਦੇਣ ਵਾਲੇ ਮਾਹਿਰਾਂ ਦਾ ਧੰਨਵਾਦ ਕੀਤਾ।

ਲੋਕ ਸੇਵਾ ਸੁਸਾਇਟੀ ਵੱਲੋਂ 55ਵਾਂ ਅੱਖਾਂ ਦਾ ਮੁਫ਼ਤ ਚੈਕ ਅੱਪ ਤੇ ਅਪ੍ਰੇਸ਼ਨ ਕੈਂਪ ਲਗਾਇਆ

ਜਗਰਾਉਂ, 29 ਸਤੰਬਰ (ਚਰਨਜੀਤ ਸਿੰਘ ਢਿੱਲੋਂ)-ਲੋਕ ਸੇਵਾ ਸੁਸਾਇਟੀ ਜਗਰਾਉਂ ਵੱਲੋਂ ਅਗਰਵਾਲ ਧਰਮਸ਼ਾਲਾ ਵਿਖੇ 55ਵਾਂ ਅੱਖਾਂ ਦਾ ਮੁਫ਼ਤ ਚੈਕ ਅੱਪ ਤੇ ਅਪ੍ਰੇਸ਼ਨ ਕੈਂਪ ਲਗਾਇਆ ਗਿਆ। ਕੈਂਪ ਵਿੱਚ ਮਾਹਿਰ ਡਾਕਟਰਾਂ ਨੇ ਸੈਂਕੜੇ ਮਰੀਜ਼ਾਂ ਦੀਆਂ ਅੱਖਾਂ ਦੀ ਜਾਂਚ ਕੀਤੀ ਅਤੇ 147 ਮਰੀਜ਼ਾਂ ਨੂੰ ਅਪ੍ਰੇਸ਼ਨ ਲਈ ਚੁਣਿਆ ਗਿਆ। ਸੁਸਾਇਟੀ ਦੇ ਅਹੁਦੇਦਾਰਾਂ ਨੇ ਦੱਸਿਆ ਕਿ ਸੰਸਥਾ ਵੱਲੋਂ ਲੋਕ ਭਲਾਈ ਦੇ ਕਾਰਜ ਲਗਾਤਾਰ ਜਾਰੀ ਰਹਿਣਗੇ।

ਇਲਾਕੇ ਦੀ ਮਾਣਮੱਤੀ ਅਤੇ ਰੰਗਲੀ ਸ਼ਖ਼ਸੀਅਤ ਕੁਲਦੀਪ ਸਿੰਘ ਕਾਲਾ ਢਿੱਲੋਂ

ਬਰਨਾਲਾ 29 ਸਤੰਬਰ (ਹਰਵਿੰਦਰ ਸਿੰਘ ਭੁੰਗਰ) ਕਾਂਗਰਸ ਪਾਰਟੀ ਦੇ ਹਲਕਾ ਇੰਚਾਰਜ ਅਤੇ ਇਲਾਕੇ ਦੀ ਮਾਣਮੱਤੀ ਸ਼ਖ਼ਸੀਅਤ ਕੁਲਦੀਪ ਸਿੰਘ ਕਾਲਾ ਢਿੱਲੋਂ ਨੇ ਹਮੇਸ਼ਾਂ ਲੋਕਾਂ ਦੀ ਸੇਵਾ ਨੂੰ ਪਹਿਲ ਦਿੱਤੀ ਹੈ। ਉਨ੍ਹਾਂ ਨੇ ਇਲਾਕੇ ਦੇ ਵਿਕਾਸ ਲਈ ਅਨੇਕਾਂ ਕਾਰਜ ਕਰਵਾਏ ਹਨ ਅਤੇ ਨੌਜਵਾਨਾਂ ਨੂੰ ਖੇਡਾਂ ਨਾਲ ਜੋੜਨ ਲਈ ਵਿਸ਼ੇਸ਼ ਉਪਰਾਲੇ ਕੀਤੇ ਹਨ। ਲੋਕਾਂ ਵਿੱਚ ਉਨ੍ਹਾਂ ਦੀ ਲੋਕਪ੍ਰਿਅਤਾ ਦਿਨੋਂ ਦਿਨ ਵਧ ਰਹੀ ਹੈ।

ਇਸ਼ਤਿਹਾਰ ਅਤੇ ਕਲਾਸੀਫਾਈਡ ਕੇਵਲ ਅਦਾਰਾ 'ਪਹਿਰੇਦਾਰ' ਦੀ ਈ-ਮੇਲ	rozanapehredaradvt@gmail.com 'ਤੇ ਹੀ ਭੇਜੇ ਜਾਣ।
